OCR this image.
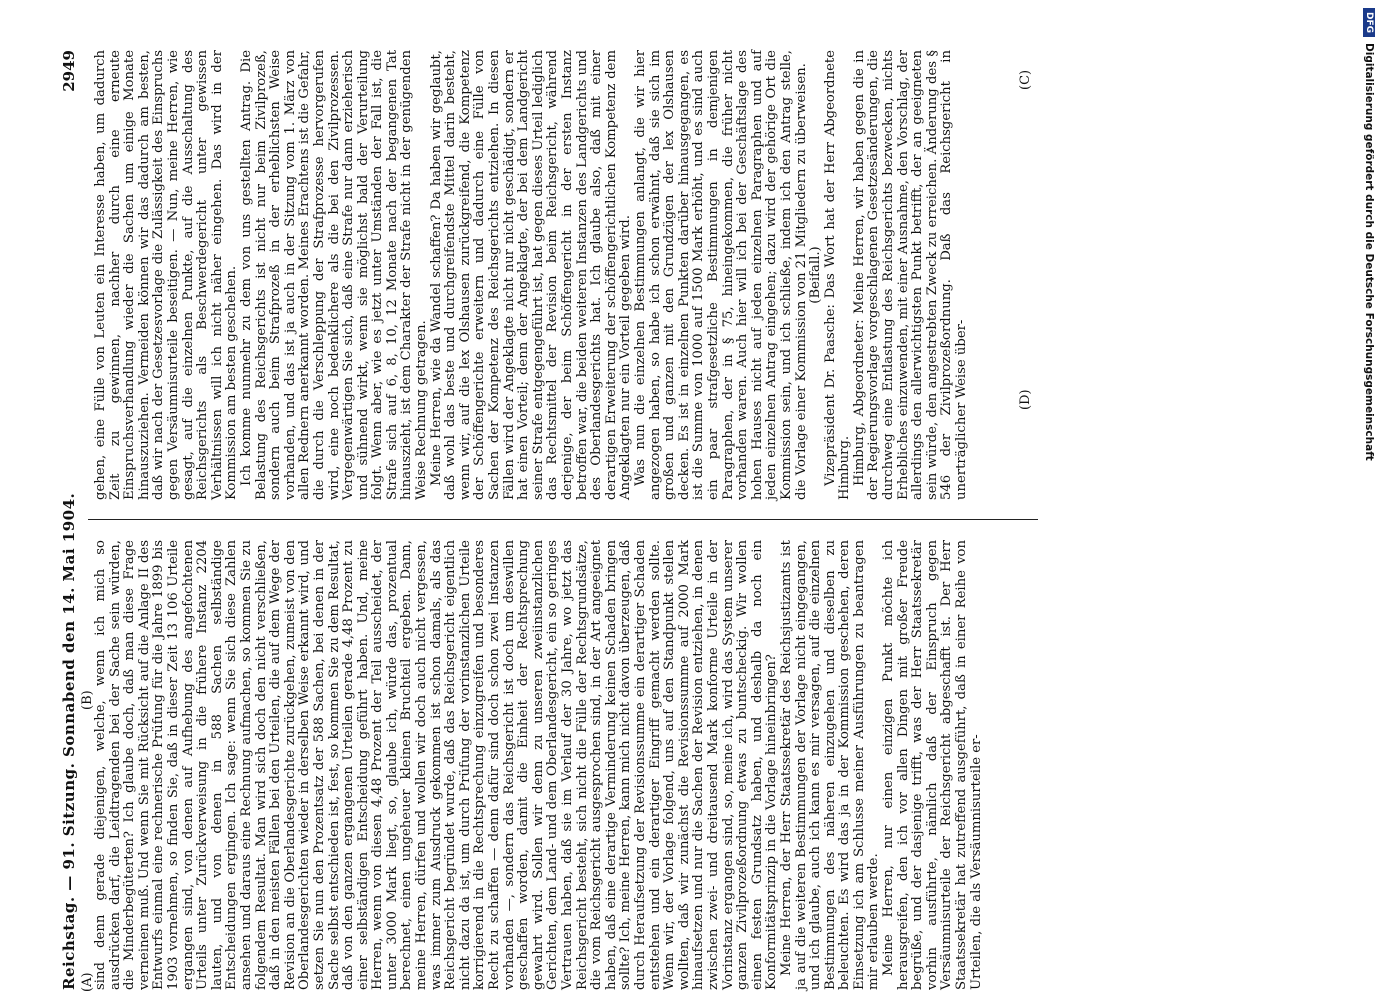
Reichstag. — 91. Sitzung. Sonnabend den 14. Mai 1904.
2949

sind denn gerade diejenigen, welche, wenn ich mich so ausdrücken darf, die Leidtragenden bei der Sache sein würden, die Minderbegüterten? Ich glaube doch, daß man diese Frage verneinen muß. Und wenn Sie mit Rücksicht auf die Anlage II des Entwurfs einmal eine rechnerische Prüfung für die Jahre 1899 bis 1903 vornehmen, so finden Sie, daß in dieser Zeit 13 106 Urteile ergangen sind, von denen auf Aufhebung des angefochtenen Urteils unter Zurückverweisung in die frühere Instanz 2204 lauten, und von denen in 588 Sachen selbständige Entscheidungen ergingen. Ich sage: wenn Sie sich diese Zahlen ansehen und daraus eine Rechnung aufmachen, so kommen Sie zu folgendem Resultat. Man wird sich doch den nicht verschließen, daß in den meisten Fällen bei den Urteilen, die auf dem Wege der Revision an die Oberlandesgerichte zurückgehen, zumeist von den Oberlandesgerichten wieder in derselben Weise erkannt wird, und setzen Sie nun den Prozentsatz der 588 Sachen, bei denen in der Sache selbst entschieden ist, fest, so kommen Sie zu dem Resultat, daß von den ganzen ergangenen Urteilen gerade 4,48 Prozent zu einer selbständigen Entscheidung geführt haben. Und, meine Herren, wenn von diesen 4,48 Prozent der Teil ausscheidet, der unter 3000 Mark liegt, so, glaube ich, würde das, prozentual berechnet, einen ungeheuer kleinen Bruchteil ergeben. Dann, meine Herren, dürfen und wollen wir doch auch nicht vergessen, was immer zum Ausdruck gekommen ist schon damals, als das Reichsgericht begründet wurde, daß das Reichsgericht eigentlich nicht dazu da ist, um durch Prüfung der vorinstanzlichen Urteile korrigierend in die Rechtsprechung einzugreifen und besonderes Recht zu schaffen — denn dafür sind doch schon zwei Instanzen vorhanden —, sondern das Reichsgericht ist doch um deswillen geschaffen worden, damit die Einheit der Rechtsprechung gewahrt wird. Sollen wir denn zu unseren zweiinstanzlichen Gerichten, dem Land- und dem Oberlandesgericht, ein so geringes Vertrauen haben, daß sie im Verlauf der 30 Jahre, wo jetzt das Reichsgericht besteht, sich nicht die Fülle der Rechtsgrundsätze, die vom Reichsgericht ausgesprochen sind, in der Art angeeignet haben, daß eine derartige Verminderung keinen Schaden bringen sollte? Ich, meine Herren, kann mich nicht davon überzeugen, daß durch Heraufsetzung der Revisionssumme ein derartiger Schaden entstehen und ein derartiger Eingriff gemacht werden sollte. Wenn wir, der Vorlage folgend, uns auf den Standpunkt stellen wollten, daß wir zunächst die Revisionssumme auf 2000 Mark hinaufsetzen und nur die Sachen der Revision entziehen, in denen zwischen zwei- und dreitausend Mark konforme Urteile in der Vorinstanz ergangen sind, so, meine ich, wird das System unserer ganzen Zivilprozeßordnung etwas zu buntscheckig. Wir wollen einen festen Grundsatz haben, und deshalb da noch ein Konformitätsprinzip in die Vorlage hineinbringen? Meine Herren, der Herr Staatssekretär des Reichsjustizamts ist ja auf die weiteren Bestimmungen der Vorlage nicht eingegangen, und ich glaube, auch ich kann es mir versagen, auf die einzelnen Bestimmungen des näheren einzugehen und dieselben zu beleuchten. Es wird das ja in der Kommission geschehen, deren Einsetzung ich am Schlusse meiner Ausführungen zu beantragen mir erlauben werde. Meine Herren, nur einen einzigen Punkt möchte ich herausgreifen, den ich vor allen Dingen mit großer Freude begrüße, und der dasjenige trifft, was der Herr Staatssekretär vorhin ausführte, nämlich daß der Einspruch gegen Versäumnisurteile der Reichsgericht abgeschafft ist. Der Herr Staatssekretär hat zutreffend ausgeführt, daß in einer Reihe von Urteilen, die als Versäumnisurteile er-

gehen, eine Fülle von Leuten ein Interesse haben, um dadurch Zeit zu gewinnen, nachher durch eine erneute Einspruchsverhandlung wieder die Sachen um einige Monate hinauszuziehen. Vermeiden können wir das dadurch am besten, daß wir nach der Gesetzesvorlage die Zulässigkeit des Einspruchs gegen Versäumnisurteile beseitigen. — Nun, meine Herren, wie gesagt, auf die einzelnen Punkte, auf die Ausschaltung des Reichsgerichts als Beschwerdegericht unter gewissen Verhältnissen will ich nicht näher eingehen. Das wird in der Kommission am besten geschehen. Ich komme nunmehr zu dem von uns gestellten Antrag. Die Belastung des Reichsgerichts ist nicht nur beim Zivilprozeß, sondern auch beim Strafprozeß in der erheblichsten Weise vorhanden, und das ist ja auch in der Sitzung vom 1. März von allen Rednern anerkannt worden. Meines Erachtens ist die Gefahr, die durch die Verschleppung der Strafprozesse hervorgerufen wird, eine noch bedenklichere als die bei den Zivilprozessen. Vergegenwärtigen Sie sich, daß eine Strafe nur dann erzieherisch und sühnend wirkt, wenn sie möglichst bald der Verurteilung folgt. Wenn aber, wie es jetzt unter Umständen der Fall ist, die Strafe sich auf 6, 8, 10, 12 Monate nach der begangenen Tat hinauszieht, ist dem Charakter der Strafe nicht in der genügenden Weise Rechnung getragen. Meine Herren, wie da Wandel schaffen? Da haben wir geglaubt, daß wohl das beste und durchgreifendste Mittel darin besteht, wenn wir, auf die lex Olshausen zurückgreifend, die Kompetenz der Schöffengerichte erweitern und dadurch eine Fülle von Sachen der Kompetenz des Reichsgerichts entziehen. In diesen Fällen wird der Angeklagte nicht nur nicht geschädigt, sondern er hat einen Vorteil; denn der Angeklagte, der bei dem Landgericht seiner Strafe entgegengeführt ist, hat gegen dieses Urteil lediglich das Rechtsmittel der Revision beim Reichsgericht, während derjenige, der beim Schöffengericht in der ersten Instanz betroffen war, die beiden weiteren Instanzen des Landgerichts und des Oberlandesgerichts hat. Ich glaube also, daß mit einer derartigen Erweiterung der schöffengerichtlichen Kompetenz dem Angeklagten nur ein Vorteil gegeben wird. Was nun die einzelnen Bestimmungen anlangt, die wir hier angezogen haben, so habe ich schon erwähnt, daß sie sich im großen und ganzen mit den Grundzügen der lex Olshausen decken. Es ist in einzelnen Punkten darüber hinausgegangen, es ist die Summe von 1000 auf 1500 Mark erhöht, und es sind auch ein paar strafgesetzliche Bestimmungen in demjenigen Paragraphen, der in § 75, hineingekommen, die früher nicht vorhanden waren. Auch hier will ich bei der Geschäftslage des hohen Hauses nicht auf jeden einzelnen Paragraphen und auf jeden einzelnen Antrag eingehen; dazu wird der gehörige Ort die Kommission sein, und ich schließe, indem ich den Antrag stelle, die Vorlage einer Kommission von 21 Mitgliedern zu überweisen. (Beifall.) Vizepräsident Dr. Paasche: Das Wort hat der Herr Abgeordnete Himburg. Himburg, Abgeordneter: Meine Herren, wir haben gegen die in der Regierungsvorlage vorgeschlagenen Gesetzesänderungen, die durchweg eine Entlastung des Reichsgerichts bezwecken, nichts Erhebliches einzuwenden, mit einer Ausnahme, den Vorschlag, der allerdings den allerwichtigsten Punkt betrifft, der an geeigneten sein würde, den angestrebten Zweck zu erreichen. Änderung des § 546 der Zivilprozeßordnung. Daß das Reichsgericht in unerträglicher Weise über-

(A)
(B)
(C)
(D)
DFG
Digitalisierung gefördert durch die Deutsche Forschungsgemeinschaft
